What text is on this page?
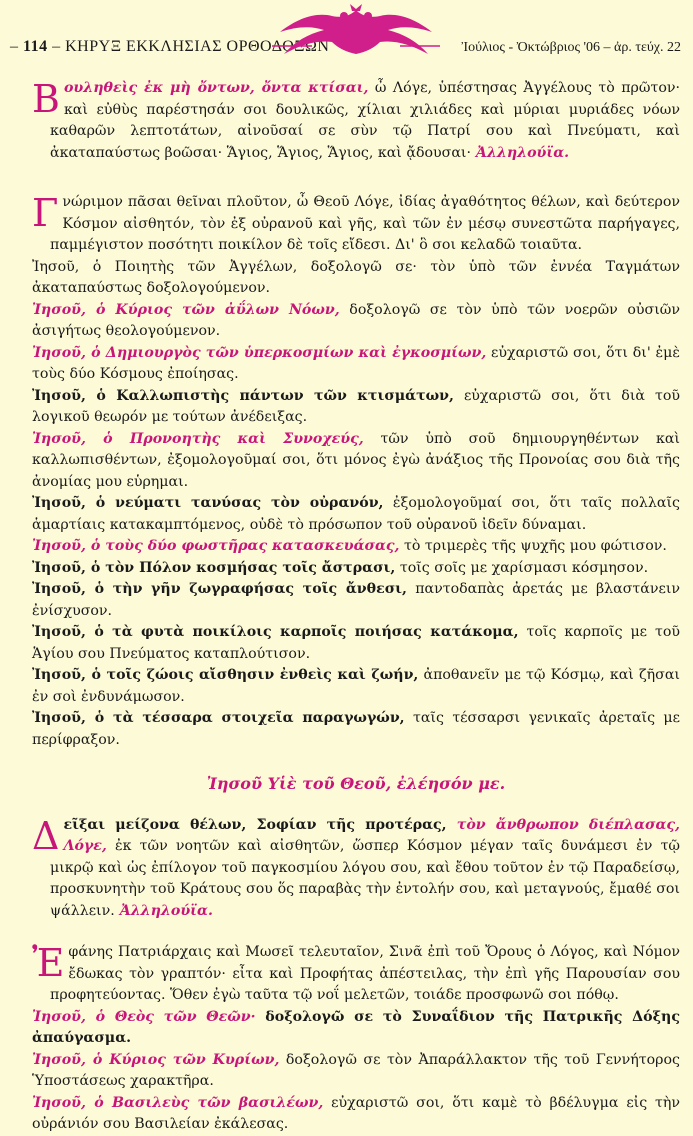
– 114 – ΚΗΡΥΞ ΕΚΚΛΗΣΙΑΣ ΟΡΘΟΔΟΞΩΝ	Ἰούλιος - Ὀκτώβριος '06 – ἀρ. τεύχ. 22

Βουληθεὶς ἐκ μὴ ὄντων, ὄντα κτίσαι, ὦ Λόγε, ὑπέστησας Ἀγγέλους τὸ πρῶτον· καὶ εὐθὺς παρέστησάν σοι δουλικῶς, χίλιαι χιλιάδες καὶ μύριαι μυριάδες νόων καθαρῶν λεπτοτάτων, αἰνοῦσαί σε σὺν τῷ Πατρί σου καὶ Πνεύματι, καὶ ἀκαταπαύστως βοῶσαι· Ἅγιος, Ἅγιος, Ἅγιος, καὶ ᾄδουσαι· Ἀλληλούϊα.

Γνώριμον πᾶσαι θεῖναι πλοῦτον, ὦ Θεοῦ Λόγε, ἰδίας ἀγαθότητος θέλων, καὶ δεύτερον Κόσμον αἰσθητόν, τὸν ἐξ οὐρανοῦ καὶ γῆς, καὶ τῶν ἐν μέσῳ συνεστῶτα παρήγαγες, παμμέγιστον ποσότητι ποικίλον δὲ τοῖς εἴδεσι. Δι' ὃ σοι κελαδῶ τοιαῦτα.

Ἰησοῦ, ὁ Ποιητὴς τῶν Ἀγγέλων, δοξολογῶ σε· τὸν ὑπὸ τῶν ἐννέα Ταγμάτων ἀκαταπαύστως δοξολογούμενον.

Ἰησοῦ, ὁ Κύριος τῶν ἀΰλων Νόων, δοξολογῶ σε τὸν ὑπὸ τῶν νοερῶν οὐσιῶν ἀσιγήτως θεολογούμενον.

Ἰησοῦ, ὁ Δημιουργὸς τῶν ὑπερκοσμίων καὶ ἐγκοσμίων, εὐχαριστῶ σοι, ὅτι δι' ἐμὲ τοὺς δύο Κόσμους ἐποίησας.

Ἰησοῦ, ὁ Καλλωπιστὴς πάντων τῶν κτισμάτων, εὐχαριστῶ σοι, ὅτι διὰ τοῦ λογικοῦ θεωρόν με τούτων ἀνέδειξας.

Ἰησοῦ, ὁ Προνοητὴς καὶ Συνοχεύς, τῶν ὑπὸ σοῦ δημιουργηθέντων καὶ καλλωπισθέντων, ἐξομολογοῦμαί σοι, ὅτι μόνος ἐγὼ ἀνάξιος τῆς Προνοίας σου διὰ τῆς ἀνομίας μου εὑρημαι.

Ἰησοῦ, ὁ νεύματι τανύσας τὸν οὐρανόν, ἐξομολογοῦμαί σοι, ὅτι ταῖς πολλαῖς ἁμαρτίαις κατακαμπτόμενος, οὐδὲ τὸ πρόσωπον τοῦ οὐρανοῦ ἰδεῖν δύναμαι.

Ἰησοῦ, ὁ τοὺς δύο φωστῆρας κατασκευάσας, τὸ τριμερὲς τῆς ψυχῆς μου φώτισον.

Ἰησοῦ, ὁ τὸν Πόλον κοσμήσας τοῖς ἄστρασι, τοῖς σοῖς με χαρίσμασι κόσμησον.

Ἰησοῦ, ὁ τὴν γῆν ζωγραφήσας τοῖς ἄνθεσι, παντοδαπὰς ἀρετάς με βλαστάνειν ἐνίσχυσον.

Ἰησοῦ, ὁ τὰ φυτὰ ποικίλοις καρποῖς ποιήσας κατάκομα, τοῖς καρποῖς με τοῦ Ἁγίου σου Πνεύματος καταπλούτισον.

Ἰησοῦ, ὁ τοῖς ζώοις αἴσθησιν ἐνθεὶς καὶ ζωήν, ἀποθανεῖν με τῷ Κόσμῳ, καὶ ζῆσαι ἐν σοὶ ἐνδυνάμωσον.

Ἰησοῦ, ὁ τὰ τέσσαρα στοιχεῖα παραγωγών, ταῖς τέσσαρσι γενικαῖς ἀρεταῖς με περίφραξον.

Ἰησοῦ Υἱὲ τοῦ Θεοῦ, ἐλέησόν με.

Δεῖξαι μείζονα θέλων, Σοφίαν τῆς προτέρας, τὸν ἄνθρωπον διέπλασας, Λόγε, ἐκ τῶν νοητῶν καὶ αἰσθητῶν, ὥσπερ Κόσμον μέγαν ταῖς δυνάμεσι ἐν τῷ μικρῷ καὶ ὡς ἐπίλογον τοῦ παγκοσμίου λόγου σου, καὶ ἔθου τοῦτον ἐν τῷ Παραδείσῳ, προσκυνητὴν τοῦ Κράτους σου ὅς παραβὰς τὴν ἐντολήν σου, καὶ μεταγνούς, ἔμαθέ σοι ψάλλειν. Ἀλληλούϊα.

Ἐφάνης Πατριάρχαις καὶ Μωσεῖ τελευταῖον, Σινᾶ ἐπὶ τοῦ Ὄρους ὁ Λόγος, καὶ Νόμον ἔδωκας τὸν γραπτόν· εἶτα καὶ Προφήτας ἀπέστειλας, τὴν ἐπὶ γῆς Παρουσίαν σου προφητεύοντας. Ὅθεν ἐγὼ ταῦτα τῷ νοΐ μελετῶν, τοιάδε προσφωνῶ σοι πόθῳ.

Ἰησοῦ, ὁ Θεὸς τῶν Θεῶν· δοξολογῶ σε τὸ Συναΐδιον τῆς Πατρικῆς Δόξης ἀπαύγασμα.

Ἰησοῦ, ὁ Κύριος τῶν Κυρίων, δοξολογῶ σε τὸν Ἀπαράλλακτον τῆς τοῦ Γεννήτορος Ὑποστάσεως χαρακτῆρα.

Ἰησοῦ, ὁ Βασιλεὺς τῶν βασιλέων, εὐχαριστῶ σοι, ὅτι καμὲ τὸ βδέλυγμα εἰς τὴν οὐράνιόν σου Βασιλείαν ἐκάλεσας.
